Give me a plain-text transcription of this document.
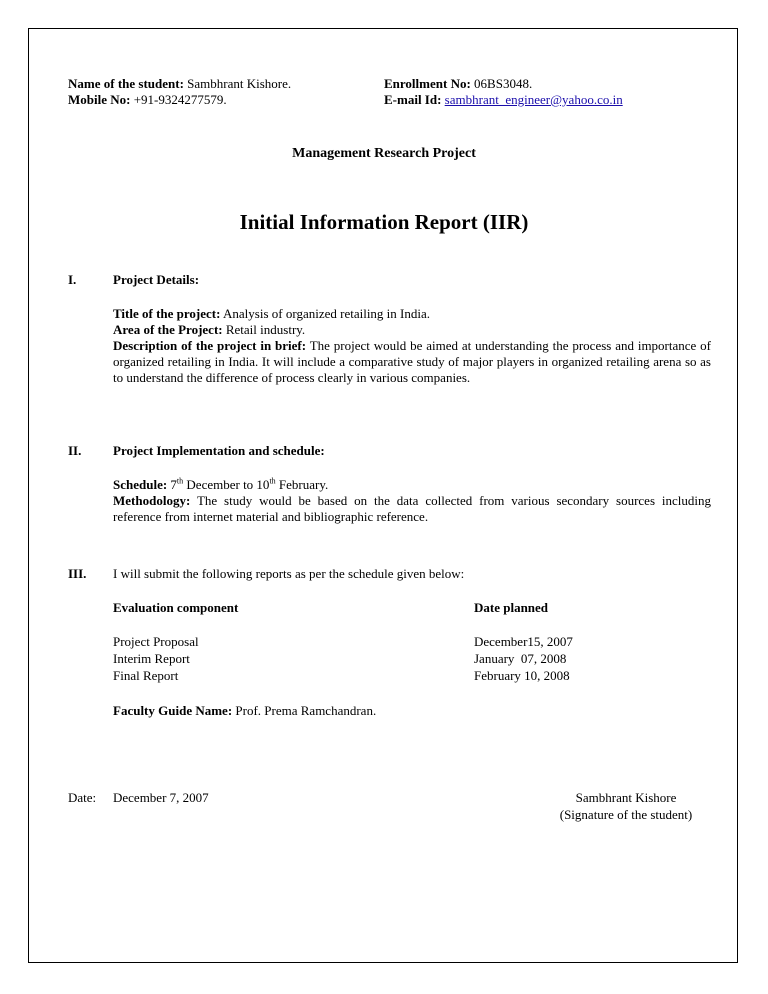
Name of the student: Sambhrant Kishore.
Mobile No: +91-9324277579.
Enrollment No: 06BS3048.
E-mail Id: sambhrant_engineer@yahoo.co.in
Management Research Project
Initial Information Report (IIR)
I.	Project Details:
Title of the project: Analysis of organized retailing in India.
Area of the Project: Retail industry.
Description of the project in brief: The project would be aimed at understanding the process and importance of organized retailing in India. It will include a comparative study of major players in organized retailing arena so as to understand the difference of process clearly in various companies.
II. Project Implementation and schedule:
Schedule: 7th December to 10th February.
Methodology: The study would be based on the data collected from various secondary sources including reference from internet material and bibliographic reference.
III. I will submit the following reports as per the schedule given below:
Evaluation component	Date planned
Project Proposal	December15, 2007
Interim Report	January  07, 2008
Final Report	February 10, 2008
Faculty Guide Name: Prof. Prema Ramchandran.
Date: December 7, 2007	Sambhrant Kishore
(Signature of the student)
